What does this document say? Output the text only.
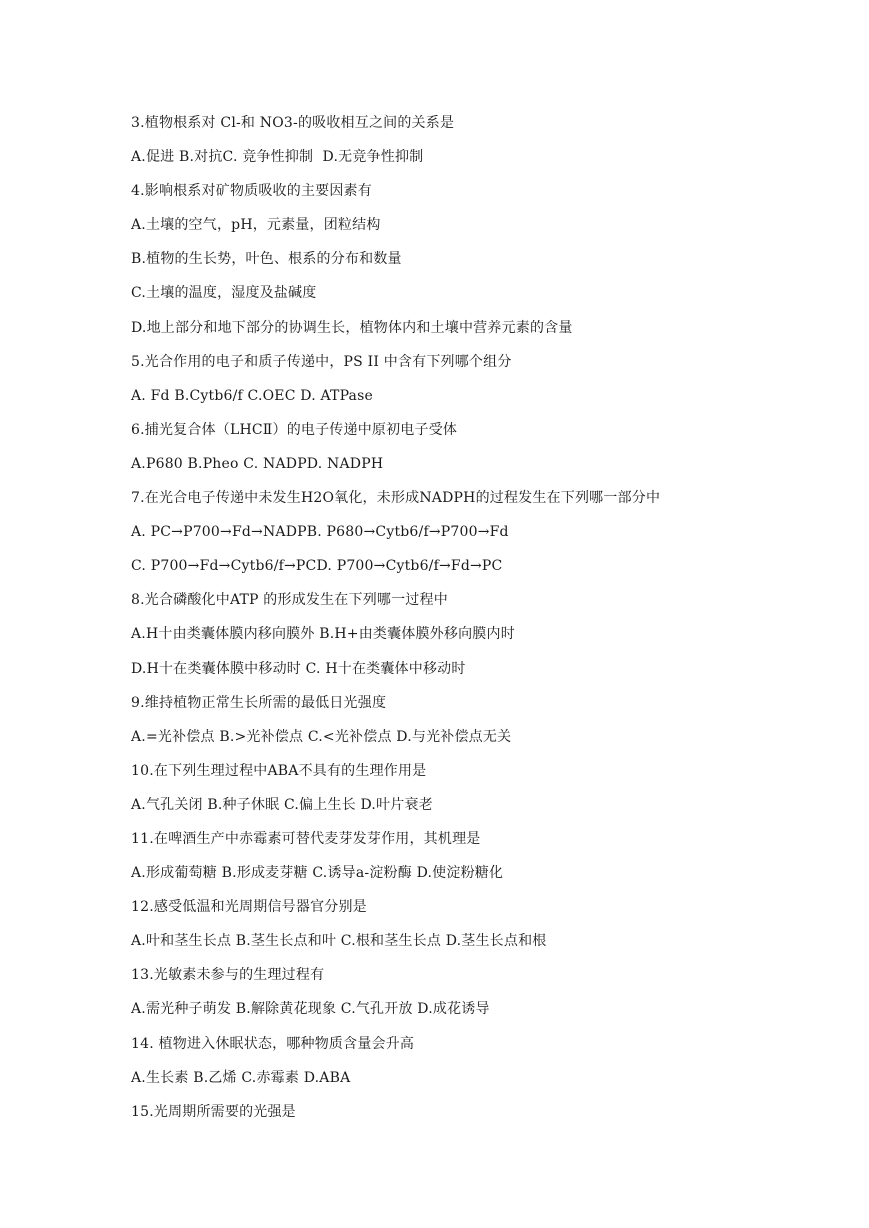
3.植物根系对 Cl-和 NO3-的吸收相互之间的关系是
A.促进 B.对抗C. 竞争性抑制  D.无竞争性抑制
4.影响根系对矿物质吸收的主要因素有
A.土壤的空气，pH，元素量，团粒结构
B.植物的生长势，叶色、根系的分布和数量
C.土壤的温度，湿度及盐碱度
D.地上部分和地下部分的协调生长，植物体内和土壤中营养元素的含量
5.光合作用的电子和质子传递中，PS II 中含有下列哪个组分
A. Fd B.Cytb6/f C.OEC D. ATPase
6.捕光复合体（LHCⅡ）的电子传递中原初电子受体
A.P680 B.Pheo C. NADPD. NADPH
7.在光合电子传递中未发生H2O氧化，未形成NADPH的过程发生在下列哪一部分中
A. PC→P700→Fd→NADPB. P680→Cytb6/f→P700→Fd
C. P700→Fd→Cytb6/f→PCD. P700→Cytb6/f→Fd→PC
8.光合磷酸化中ATP 的形成发生在下列哪一过程中
A.H十由类囊体膜内移向膜外 B.H+由类囊体膜外移向膜内时
D.H十在类囊体膜中移动时 C. H十在类囊体中移动时
9.维持植物正常生长所需的最低日光强度
A.=光补偿点 B.>光补偿点 C.<光补偿点 D.与光补偿点无关
10.在下列生理过程中ABA不具有的生理作用是
A.气孔关闭 B.种子休眠 C.偏上生长 D.叶片衰老
11.在啤酒生产中赤霉素可替代麦芽发芽作用，其机理是
A.形成葡萄糖 B.形成麦芽糖 C.诱导a-淀粉酶 D.使淀粉糖化
12.感受低温和光周期信号器官分别是
A.叶和茎生长点 B.茎生长点和叶 C.根和茎生长点 D.茎生长点和根
13.光敏素未参与的生理过程有
A.需光种子萌发 B.解除黄花现象 C.气孔开放 D.成花诱导
14. 植物进入休眠状态，哪种物质含量会升高
A.生长素 B.乙烯 C.赤霉素 D.ABA
15.光周期所需要的光强是
